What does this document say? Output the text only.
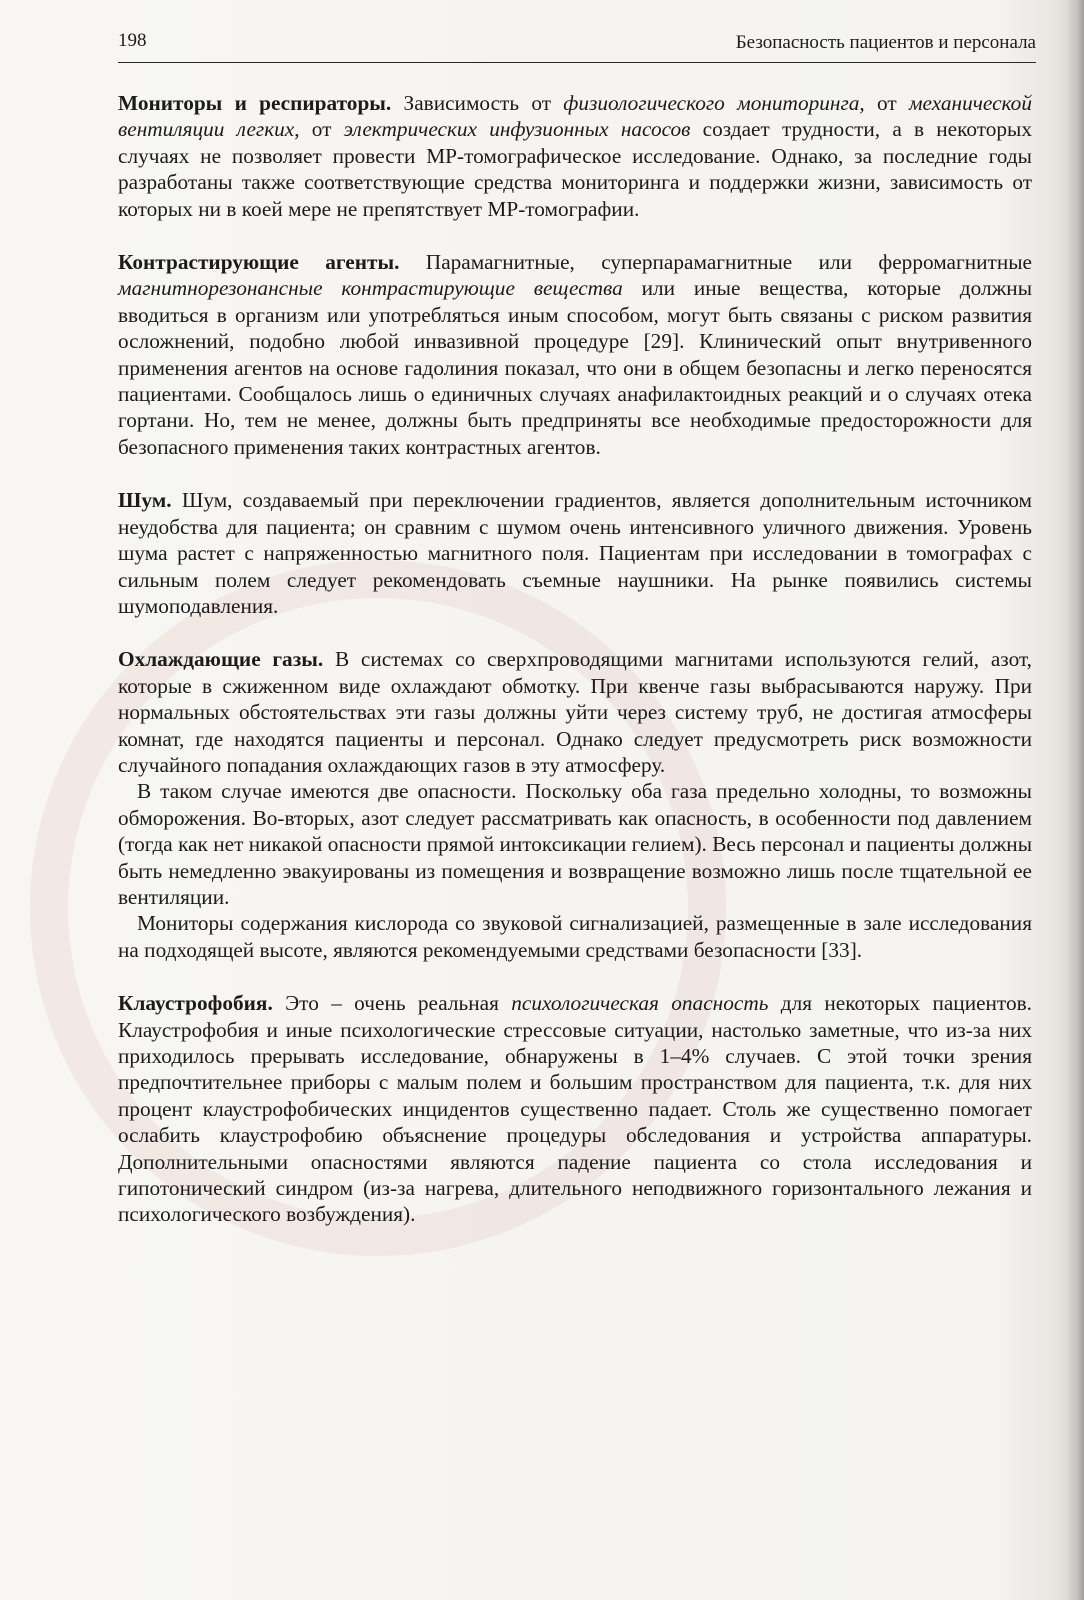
198	Безопасность пациентов и персонала

Мониторы и респираторы. Зависимость от физиологического мониторинга, от механической вентиляции легких, от электрических инфузионных насосов создает трудности, а в некоторых случаях не позволяет провести МР-томографическое исследование. Однако, за последние годы разработаны также соответствующие средства мониторинга и поддержки жизни, зависимость от которых ни в коей мере не препятствует МР-томографии.

Контрастирующие агенты. Парамагнитные, суперпарамагнитные или ферромагнитные магнитнорезонансные контрастирующие вещества или иные вещества, которые должны вводиться в организм или употребляться иным способом, могут быть связаны с риском развития осложнений, подобно любой инвазивной процедуре [29]. Клинический опыт внутривенного применения агентов на основе гадолиния показал, что они в общем безопасны и легко переносятся пациентами. Сообщалось лишь о единичных случаях анафилактоидных реакций и о случаях отека гортани. Но, тем не менее, должны быть предприняты все необходимые предосторожности для безопасного применения таких контрастных агентов.

Шум. Шум, создаваемый при переключении градиентов, является дополнительным источником неудобства для пациента; он сравним с шумом очень интенсивного уличного движения. Уровень шума растет с напряженностью магнитного поля. Пациентам при исследовании в томографах с сильным полем следует рекомендовать съемные наушники. На рынке появились системы шумоподавления.

Охлаждающие газы. В системах со сверхпроводящими магнитами используются гелий, азот, которые в сжиженном виде охлаждают обмотку. При квенче газы выбрасываются наружу. При нормальных обстоятельствах эти газы должны уйти через систему труб, не достигая атмосферы комнат, где находятся пациенты и персонал. Однако следует предусмотреть риск возможности случайного попадания охлаждающих газов в эту атмосферу.

В таком случае имеются две опасности. Поскольку оба газа предельно холодны, то возможны обморожения. Во-вторых, азот следует рассматривать как опасность, в особенности под давлением (тогда как нет никакой опасности прямой интоксикации гелием). Весь персонал и пациенты должны быть немедленно эвакуированы из помещения и возвращение возможно лишь после тщательной ее вентиляции.

Мониторы содержания кислорода со звуковой сигнализацией, размещенные в зале исследования на подходящей высоте, являются рекомендуемыми средствами безопасности [33].

Клаустрофобия. Это – очень реальная психологическая опасность для некоторых пациентов. Клаустрофобия и иные психологические стрессовые ситуации, настолько заметные, что из-за них приходилось прерывать исследование, обнаружены в 1–4% случаев. С этой точки зрения предпочтительнее приборы с малым полем и большим пространством для пациента, т.к. для них процент клаустрофобических инцидентов существенно падает. Столь же существенно помогает ослабить клаустрофобию объяснение процедуры обследования и устройства аппаратуры. Дополнительными опасностями являются падение пациента со стола исследования и гипотонический синдром (из-за нагрева, длительного неподвижного горизонтального лежания и психологического возбуждения).
